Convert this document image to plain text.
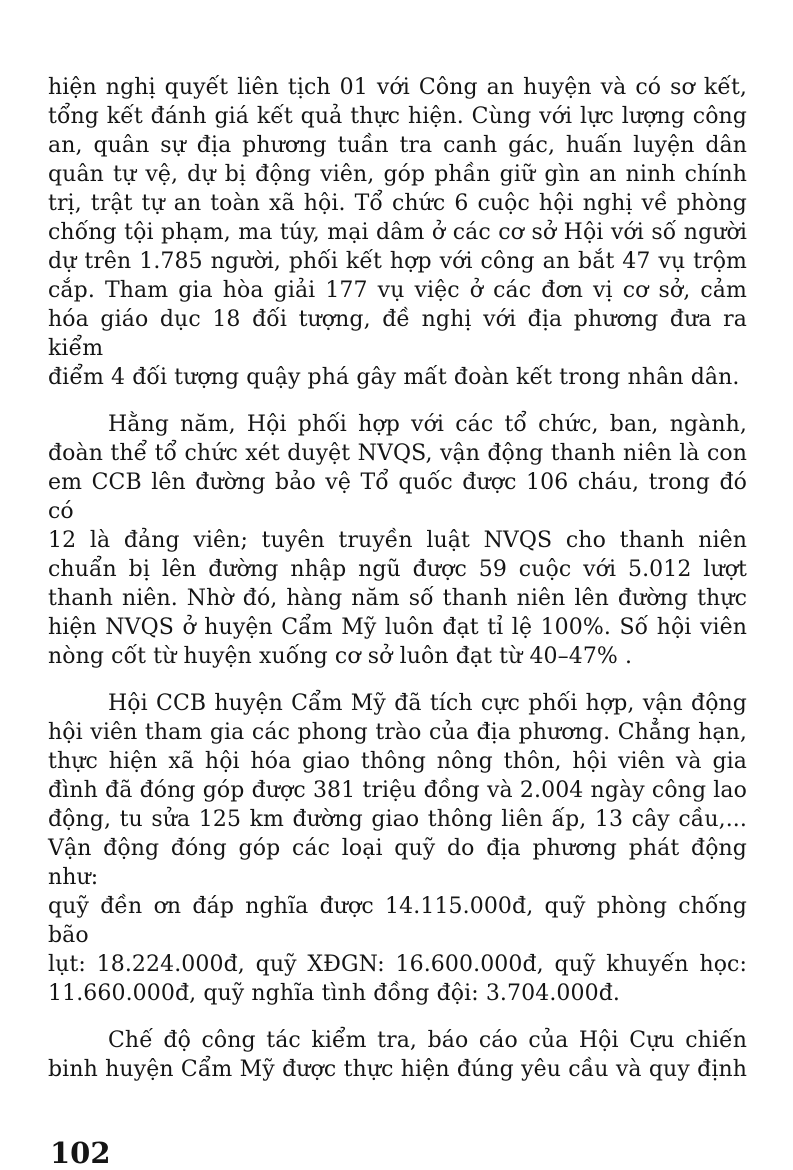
hiện nghị quyết liên tịch 01 với Công an huyện và có sơ kết,
tổng kết đánh giá kết quả thực hiện. Cùng với lực lượng công
an, quân sự địa phương tuần tra canh gác, huấn luyện dân
quân tự vệ, dự bị động viên, góp phần giữ gìn an ninh chính
trị, trật tự an toàn xã hội. Tổ chức 6 cuộc hội nghị về phòng
chống tội phạm, ma túy, mại dâm ở các cơ sở Hội với số người
dự trên 1.785 người, phối kết hợp với công an bắt 47 vụ trộm
cắp. Tham gia hòa giải 177 vụ việc ở các đơn vị cơ sở, cảm
hóa giáo dục 18 đối tượng, đề nghị với địa phương đưa ra kiểm
điểm 4 đối tượng quậy phá gây mất đoàn kết trong nhân dân.
Hằng năm, Hội phối hợp với các tổ chức, ban, ngành,
đoàn thể tổ chức xét duyệt NVQS, vận động thanh niên là con
em CCB lên đường bảo vệ Tổ quốc được 106 cháu, trong đó có
12 là đảng viên; tuyên truyền luật NVQS cho thanh niên
chuẩn bị lên đường nhập ngũ được 59 cuộc với 5.012 lượt
thanh niên. Nhờ đó, hàng năm số thanh niên lên đường thực
hiện NVQS ở huyện Cẩm Mỹ luôn đạt tỉ lệ 100%. Số hội viên
nòng cốt từ huyện xuống cơ sở luôn đạt từ 40–47% .
Hội CCB huyện Cẩm Mỹ đã tích cực phối hợp, vận động
hội viên tham gia các phong trào của địa phương. Chẳng hạn,
thực hiện xã hội hóa giao thông nông thôn, hội viên và gia
đình đã đóng góp được 381 triệu đồng và 2.004 ngày công lao
động, tu sửa 125 km đường giao thông liên ấp, 13 cây cầu,...
Vận động đóng góp các loại quỹ do địa phương phát động như:
quỹ đền ơn đáp nghĩa được 14.115.000đ, quỹ phòng chống bão
lụt: 18.224.000đ, quỹ XĐGN: 16.600.000đ, quỹ khuyến học:
11.660.000đ, quỹ nghĩa tình đồng đội: 3.704.000đ.
Chế độ công tác kiểm tra, báo cáo của Hội Cựu chiến
binh huyện Cẩm Mỹ được thực hiện đúng yêu cầu và quy định
102
